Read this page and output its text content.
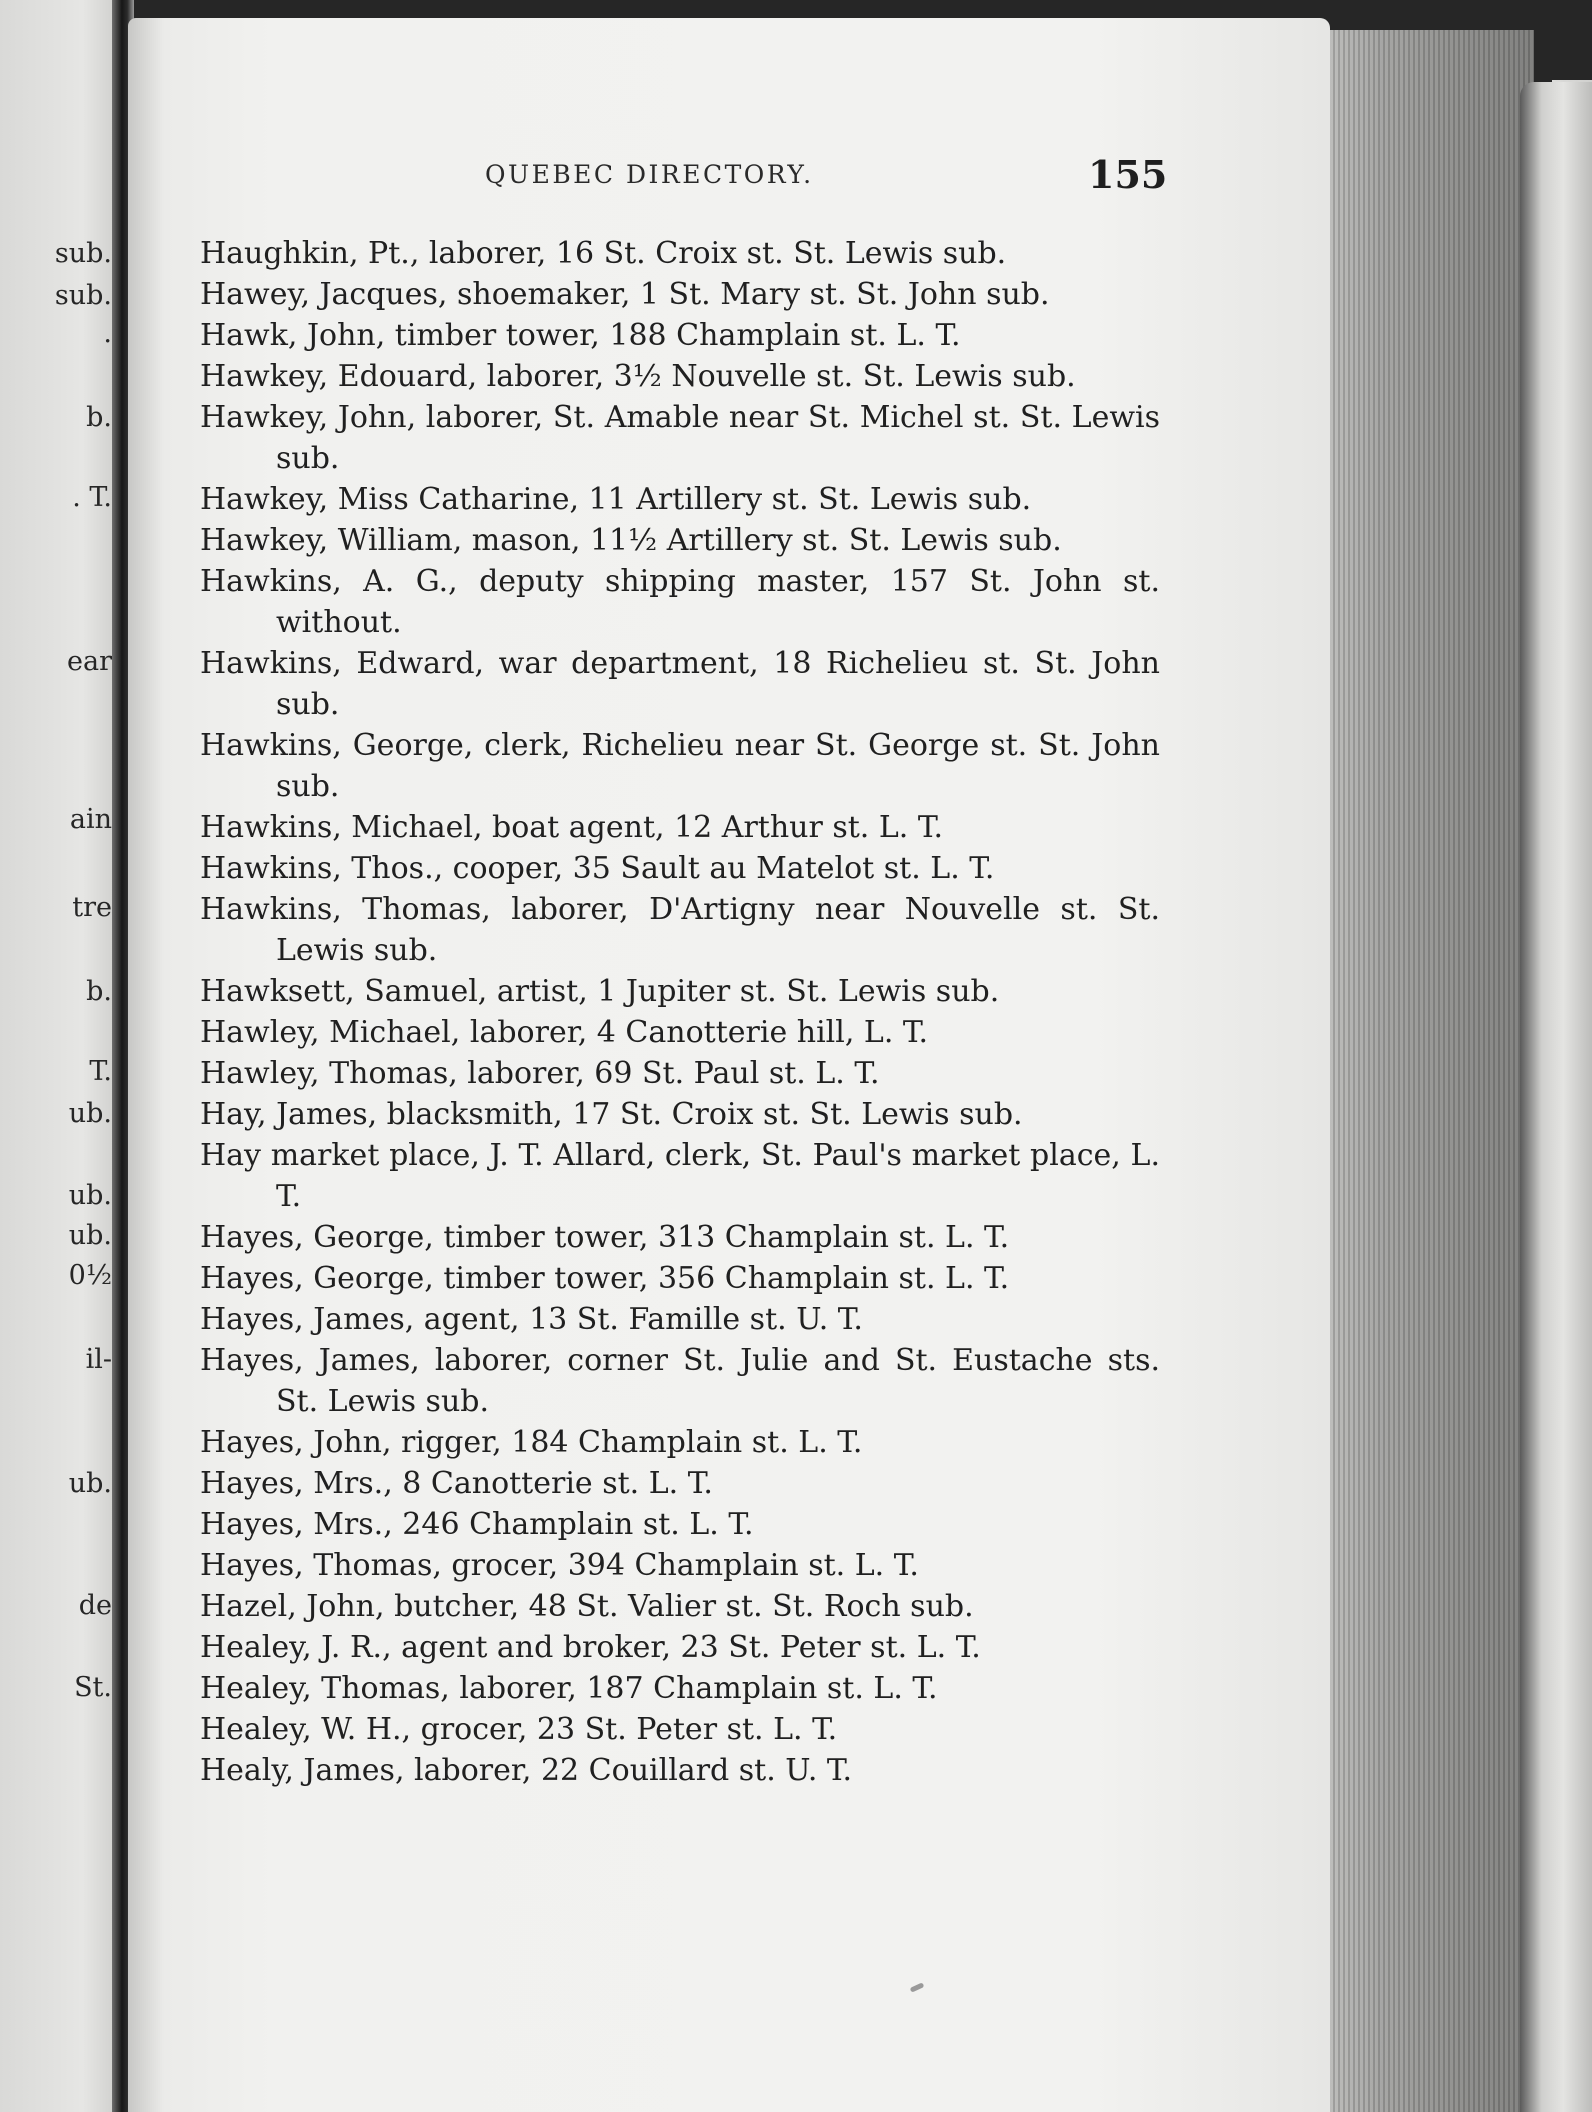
sub.
sub.
.
b.
. T.
ear
ain
tre
b.
T.
ub.
ub.
ub.
0½
il-
ub.
de
St.
QUEBEC DIRECTORY.	155
Haughkin, Pt., laborer, 16 St. Croix st. St. Lewis sub.
Hawey, Jacques, shoemaker, 1 St. Mary st. St. John sub.
Hawk, John, timber tower, 188 Champlain st. L. T.
Hawkey, Edouard, laborer, 3½ Nouvelle st. St. Lewis sub.
Hawkey, John, laborer, St. Amable near St. Michel st. St. Lewis sub.
Hawkey, Miss Catharine, 11 Artillery st. St. Lewis sub.
Hawkey, William, mason, 11½ Artillery st. St. Lewis sub.
Hawkins, A. G., deputy shipping master, 157 St. John st. without.
Hawkins, Edward, war department, 18 Richelieu st. St. John sub.
Hawkins, George, clerk, Richelieu near St. George st. St. John sub.
Hawkins, Michael, boat agent, 12 Arthur st. L. T.
Hawkins, Thos., cooper, 35 Sault au Matelot st. L. T.
Hawkins, Thomas, laborer, D'Artigny near Nouvelle st. St. Lewis sub.
Hawksett, Samuel, artist, 1 Jupiter st. St. Lewis sub.
Hawley, Michael, laborer, 4 Canotterie hill, L. T.
Hawley, Thomas, laborer, 69 St. Paul st. L. T.
Hay, James, blacksmith, 17 St. Croix st. St. Lewis sub.
Hay market place, J. T. Allard, clerk, St. Paul's market place, L. T.
Hayes, George, timber tower, 313 Champlain st. L. T.
Hayes, George, timber tower, 356 Champlain st. L. T.
Hayes, James, agent, 13 St. Famille st. U. T.
Hayes, James, laborer, corner St. Julie and St. Eustache sts. St. Lewis sub.
Hayes, John, rigger, 184 Champlain st. L. T.
Hayes, Mrs., 8 Canotterie st. L. T.
Hayes, Mrs., 246 Champlain st. L. T.
Hayes, Thomas, grocer, 394 Champlain st. L. T.
Hazel, John, butcher, 48 St. Valier st. St. Roch sub.
Healey, J. R., agent and broker, 23 St. Peter st. L. T.
Healey, Thomas, laborer, 187 Champlain st. L. T.
Healey, W. H., grocer, 23 St. Peter st. L. T.
Healy, James, laborer, 22 Couillard st. U. T.
